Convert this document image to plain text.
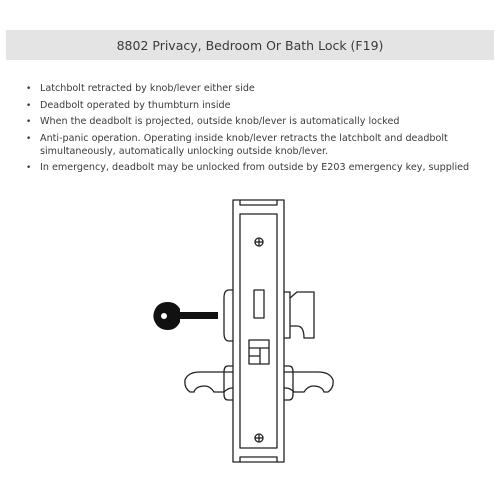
8802 Privacy, Bedroom Or Bath Lock (F19)
• Latchbolt retracted by knob/lever either side
• Deadbolt operated by thumbturn inside
• When the deadbolt is projected, outside knob/lever is automatically locked
• Anti-panic operation. Operating inside knob/lever retracts the latchbolt and deadbolt
simultaneously, automatically unlocking outside knob/lever.
• In emergency, deadbolt may be unlocked from outside by E203 emergency key, supplied
